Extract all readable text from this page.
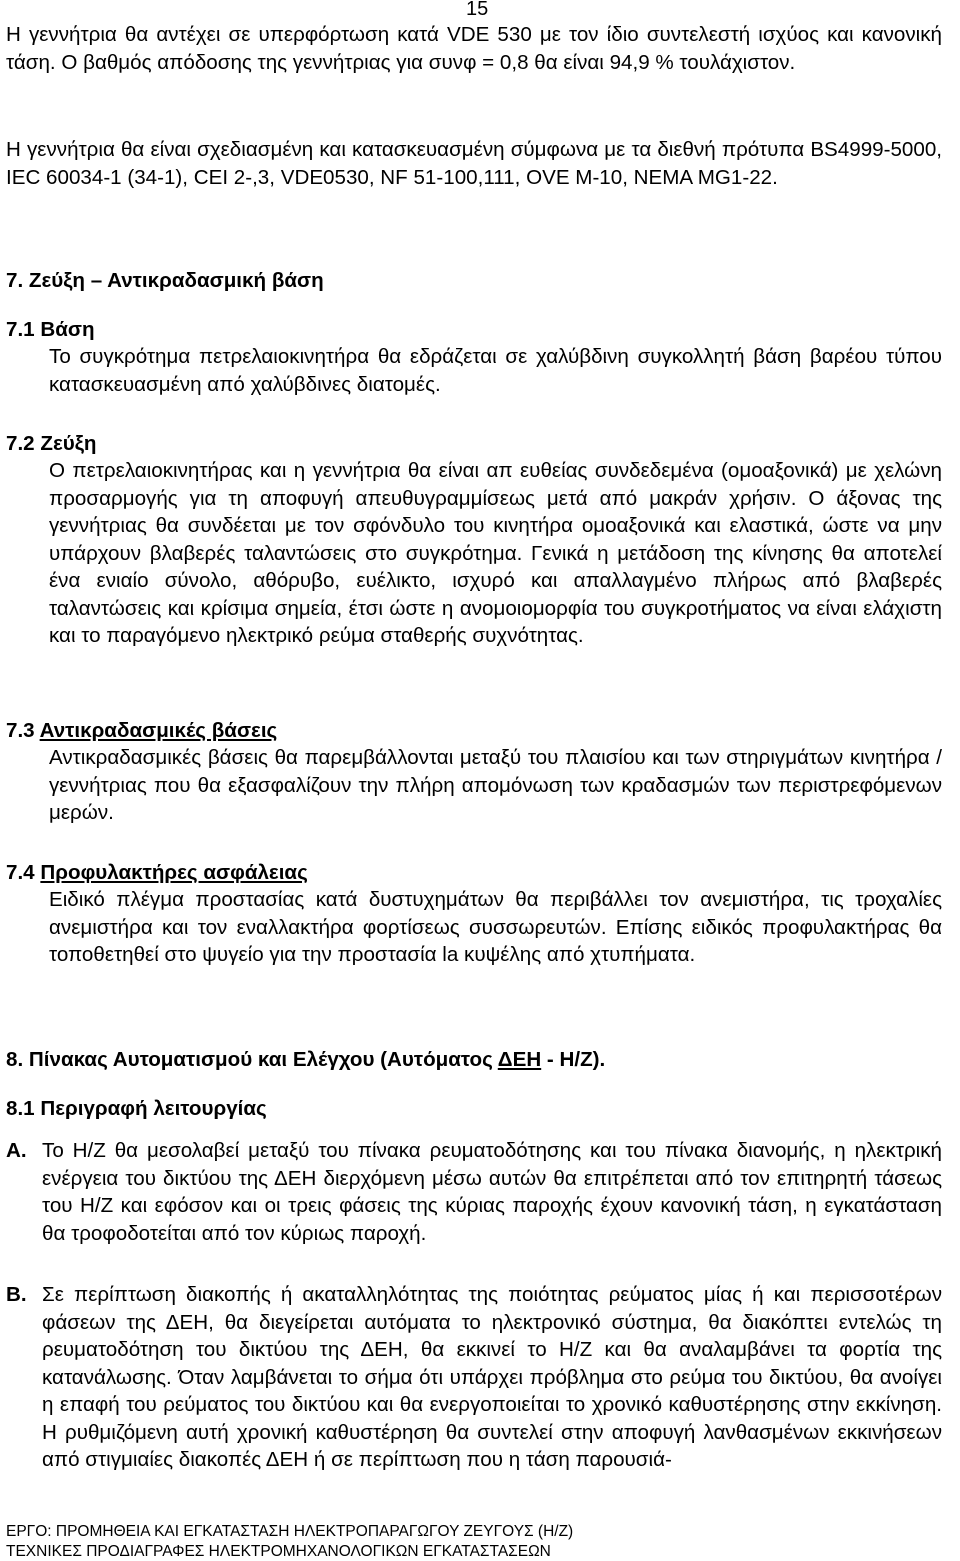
15

Η γεννήτρια θα αντέχει σε υπερφόρτωση κατά VDE 530 με τον ίδιο συντελεστή ισχύος και κανονική τάση. Ο βαθμός απόδοσης της γεννήτριας για συνφ = 0,8 θα είναι 94,9 % τουλάχιστον.

Η γεννήτρια θα είναι σχεδιασμένη και κατασκευασμένη σύμφωνα με τα διεθνή πρότυπα BS4999-5000, IEC 60034-1 (34-1), CEI 2-,3, VDE0530, NF 51-100,111, OVE M-10, NEMA MG1-22.

7. Ζεύξη – Αντικραδασμική βάση
7.1 Βάση

Το συγκρότημα πετρελαιοκινητήρα θα εδράζεται σε χαλύβδινη συγκολλητή βάση βαρέου τύπου κατασκευασμένη από χαλύβδινες διατομές.

7.2 Ζεύξη

Ο πετρελαιοκινητήρας και η γεννήτρια θα είναι απ ευθείας συνδεδεμένα (ομοαξονικά) με χελώνη προσαρμογής για τη αποφυγή απευθυγραμμίσεως μετά από μακράν χρήσιν. Ο άξονας της γεννήτριας θα συνδέεται με τον σφόνδυλο του κινητήρα ομοαξονικά και ελαστικά, ώστε να μην υπάρχουν βλαβερές ταλαντώσεις στο συγκρότημα. Γενικά η μετάδοση της κίνησης θα αποτελεί ένα ενιαίο σύνολο, αθόρυβο, ευέλικτο, ισχυρό και απαλλαγμένο πλήρως από βλαβερές ταλαντώσεις και κρίσιμα σημεία, έτσι ώστε η ανομοιομορφία του συγκροτήματος να είναι ελάχιστη και το παραγόμενο ηλεκτρικό ρεύμα σταθερής συχνότητας.

7.3 Αντικραδασμικές βάσεις

Αντικραδασμικές βάσεις θα παρεμβάλλονται μεταξύ του πλαισίου και των στηριγμάτων κινητήρα / γεννήτριας που θα εξασφαλίζουν την πλήρη απομόνωση των κραδασμών των περιστρεφόμενων μερών.

7.4 Προφυλακτήρες ασφάλειας

Ειδικό πλέγμα προστασίας κατά δυστυχημάτων θα περιβάλλει τον ανεμιστήρα, τις τροχαλίες ανεμιστήρα και τον εναλλακτήρα φορτίσεως συσσωρευτών. Επίσης ειδικός προφυλακτήρας θα τοποθετηθεί στο ψυγείο για την προστασία la κυψέλης από χτυπήματα.

8. Πίνακας Αυτοματισμού και Ελέγχου (Αυτόματος ΔΕΗ - Η/Ζ).
8.1 Περιγραφή λειτουργίας
Α. Το Η/Ζ θα μεσολαβεί μεταξύ του πίνακα ρευματοδότησης και του πίνακα διανομής, η ηλεκτρική ενέργεια του δικτύου της ΔΕΗ διερχόμενη μέσω αυτών θα επιτρέπεται από τον επιτηρητή τάσεως του Η/Ζ και εφόσον και οι τρεις φάσεις της κύριας παροχής έχουν κανονική τάση, η εγκατάσταση θα τροφοδοτείται από τον κύριως παροχή.
Β. Σε περίπτωση διακοπής ή ακαταλληλότητας της ποιότητας ρεύματος μίας ή και περισσοτέρων φάσεων της ΔΕΗ, θα διεγείρεται αυτόματα το ηλεκτρονικό σύστημα, θα διακόπτει εντελώς τη ρευματοδότηση του δικτύου της ΔΕΗ, θα εκκινεί το Η/Ζ και θα αναλαμβάνει τα φορτία της κατανάλωσης. Όταν λαμβάνεται το σήμα ότι υπάρχει πρόβλημα στο ρεύμα του δικτύου, θα ανοίγει η επαφή του ρεύματος του δικτύου και θα ενεργοποιείται το χρονικό καθυστέρησης στην εκκίνηση. Η ρυθμιζόμενη αυτή χρονική καθυστέρηση θα συντελεί στην αποφυγή λανθασμένων εκκινήσεων από στιγμιαίες διακοπές ΔΕΗ ή σε περίπτωση που η τάση παρουσιά-
ΕΡΓΟ: ΠΡΟΜΗΘΕΙΑ ΚΑΙ ΕΓΚΑΤΑΣΤΑΣΗ ΗΛΕΚΤΡΟΠΑΡΑΓΩΓΟΥ ΖΕΥΓΟΥΣ (Η/Ζ)
ΤΕΧΝΙΚΕΣ ΠΡΟΔΙΑΓΡΑΦΕΣ ΗΛΕΚΤΡΟΜΗΧΑΝΟΛΟΓΙΚΩΝ ΕΓΚΑΤΑΣΤΑΣΕΩΝ
